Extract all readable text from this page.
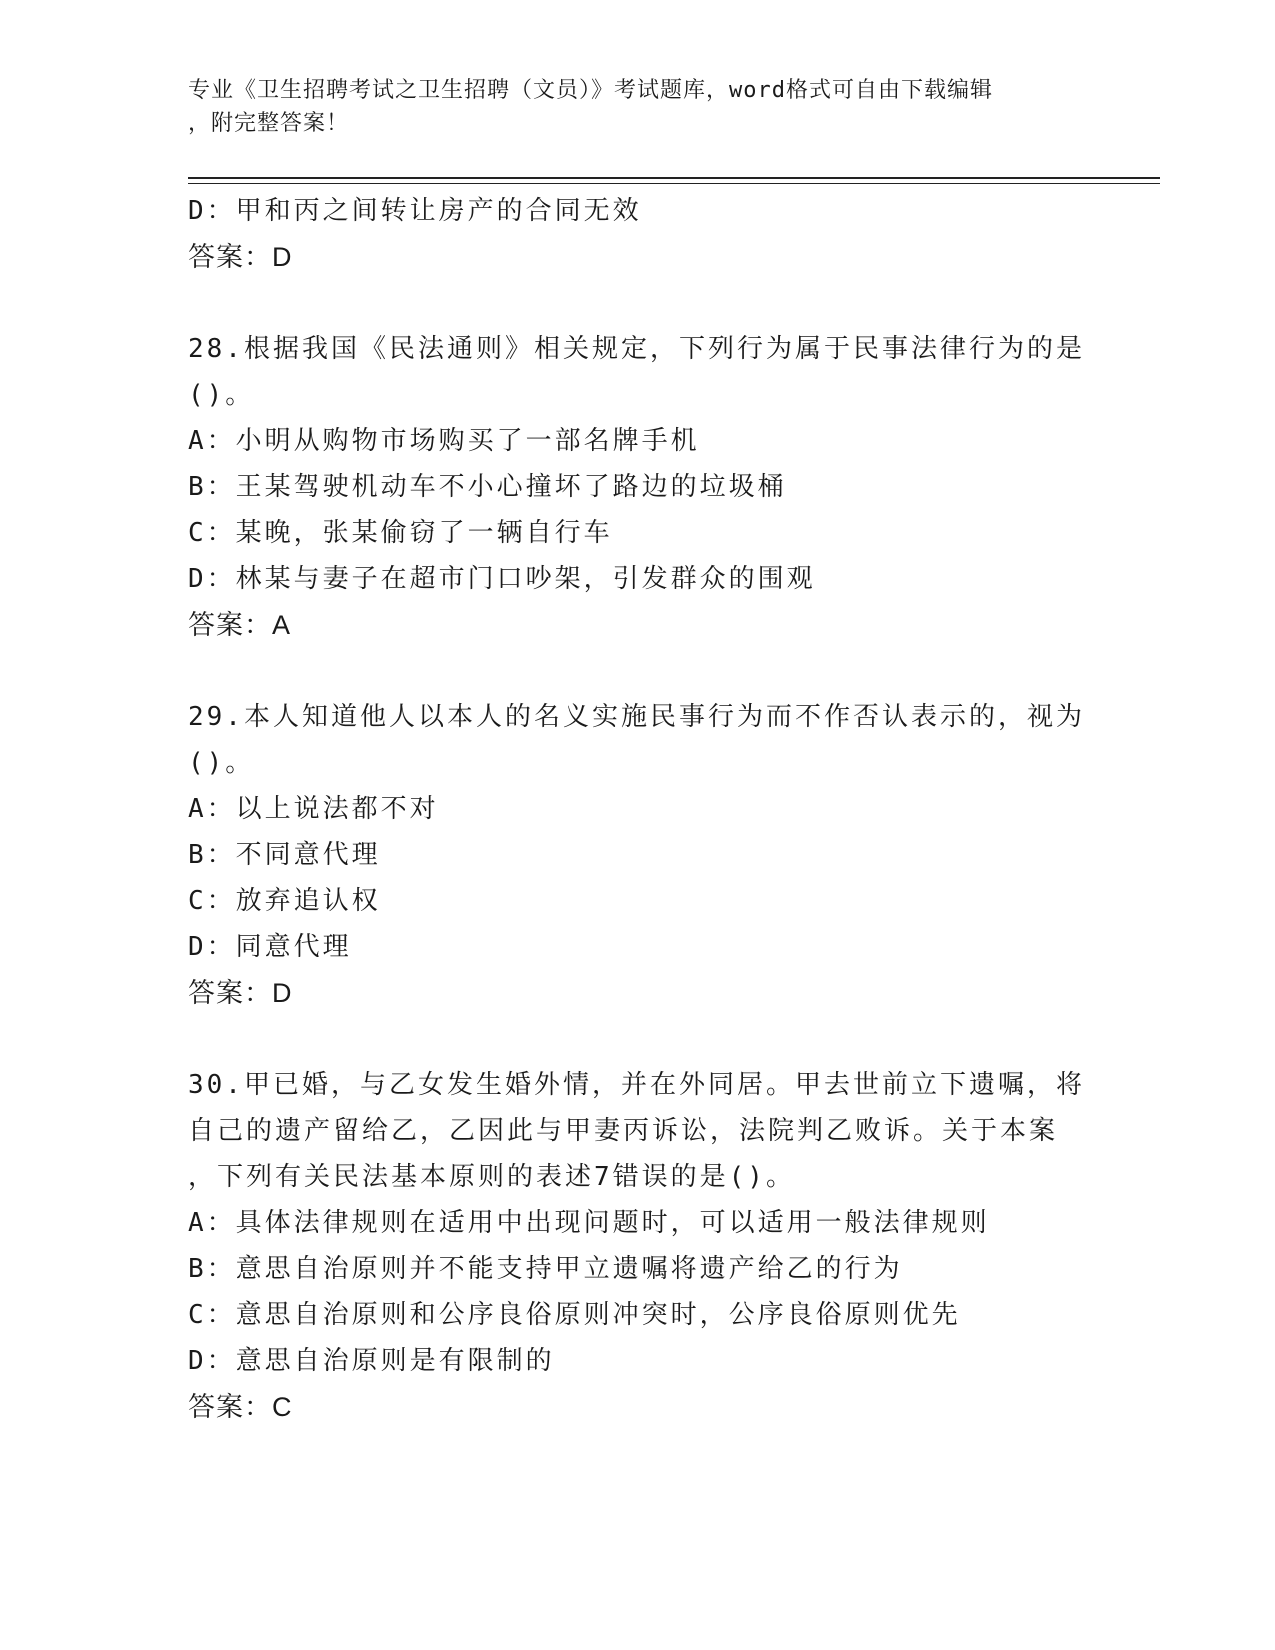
专业《卫生招聘考试之卫生招聘（文员）》考试题库，word格式可自由下载编辑
，附完整答案！
D：甲和丙之间转让房产的合同无效
答案：D
28.根据我国《民法通则》相关规定，下列行为属于民事法律行为的是
()。
A：小明从购物市场购买了一部名牌手机
B：王某驾驶机动车不小心撞坏了路边的垃圾桶
C：某晚，张某偷窃了一辆自行车
D：林某与妻子在超市门口吵架，引发群众的围观
答案：A
29.本人知道他人以本人的名义实施民事行为而不作否认表示的，视为
()。
A：以上说法都不对
B：不同意代理
C：放弃追认权
D：同意代理
答案：D
30.甲已婚，与乙女发生婚外情，并在外同居。甲去世前立下遗嘱，将
自己的遗产留给乙，乙因此与甲妻丙诉讼，法院判乙败诉。关于本案
，下列有关民法基本原则的表述7错误的是()。
A：具体法律规则在适用中出现问题时，可以适用一般法律规则
B：意思自治原则并不能支持甲立遗嘱将遗产给乙的行为
C：意思自治原则和公序良俗原则冲突时，公序良俗原则优先
D：意思自治原则是有限制的
答案：C
